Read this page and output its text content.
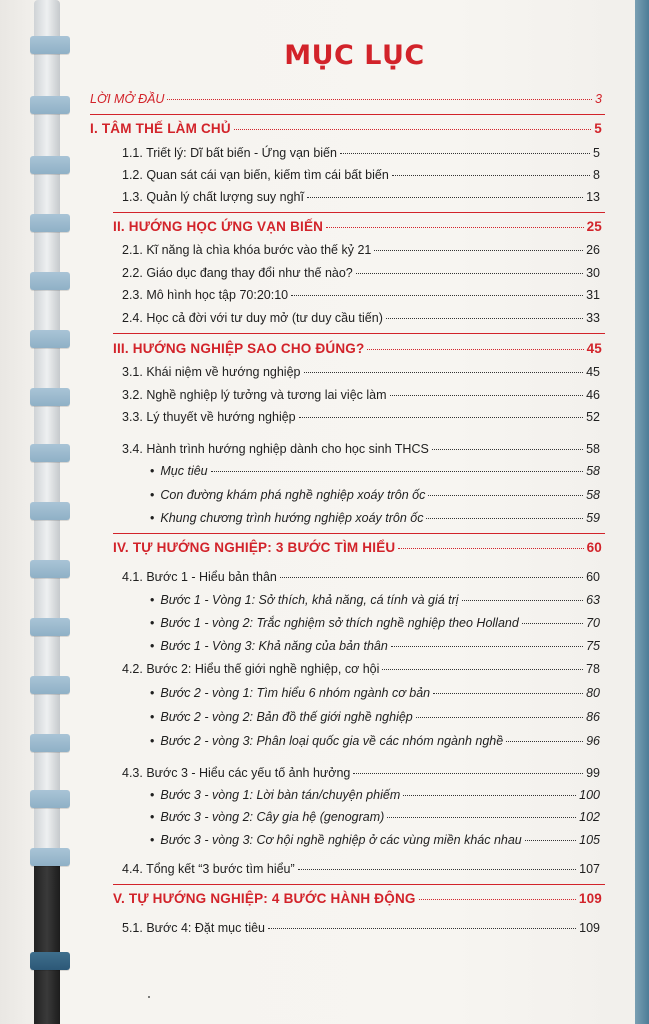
MỤC LỤC
LỜI MỞ ĐẦU	3
I. TÂM THẾ LÀM CHỦ	5
1.1. Triết lý: Dĩ bất biến - Ứng vạn biến	5
1.2. Quan sát cái vạn biến, kiếm tìm cái bất biến	8
1.3. Quản lý chất lượng suy nghĩ	13
II. HƯỚNG HỌC ỨNG VẠN BIẾN	25
2.1. Kĩ năng là chìa khóa bước vào thế kỷ 21	26
2.2. Giáo dục đang thay đổi như thế nào?	30
2.3. Mô hình học tập 70:20:10	31
2.4. Học cả đời với tư duy mở (tư duy cầu tiến)	33
III. HƯỚNG NGHIỆP SAO CHO ĐÚNG?	45
3.1. Khái niệm về hướng nghiệp	45
3.2. Nghề nghiệp lý tưởng và tương lai việc làm	46
3.3. Lý thuyết về hướng nghiệp	52
3.4. Hành trình hướng nghiệp dành cho học sinh THCS	58
• Mục tiêu	58
• Con đường khám phá nghề nghiệp xoáy trôn ốc	58
• Khung chương trình hướng nghiệp xoáy trôn ốc	59
IV. TỰ HƯỚNG NGHIỆP: 3 BƯỚC TÌM HIỂU	60
4.1. Bước 1 - Hiểu bản thân	60
• Bước 1 - Vòng 1: Sở thích, khả năng, cá tính và giá trị	63
• Bước 1 - vòng 2: Trắc nghiệm sở thích nghề nghiệp theo Holland	70
• Bước 1 - Vòng 3: Khả năng của bản thân	75
4.2. Bước 2: Hiểu thế giới nghề nghiệp, cơ hội	78
• Bước 2 - vòng 1: Tìm hiểu 6 nhóm ngành cơ bản	80
• Bước 2 - vòng 2: Bản đồ thế giới nghề nghiệp	86
• Bước 2 - vòng 3: Phân loại quốc gia về các nhóm ngành nghề	96
4.3. Bước 3 - Hiểu các yếu tố ảnh hưởng	99
• Bước 3 - vòng 1: Lời bàn tán/chuyện phiếm	100
• Bước 3 - vòng 2: Cây gia hệ (genogram)	102
• Bước 3 - vòng 3: Cơ hội nghề nghiệp ở các vùng miền khác nhau	105
4.4. Tổng kết “3 bước tìm hiểu”	107
V. TỰ HƯỚNG NGHIỆP: 4 BƯỚC HÀNH ĐỘNG	109
5.1. Bước 4: Đặt mục tiêu	109
